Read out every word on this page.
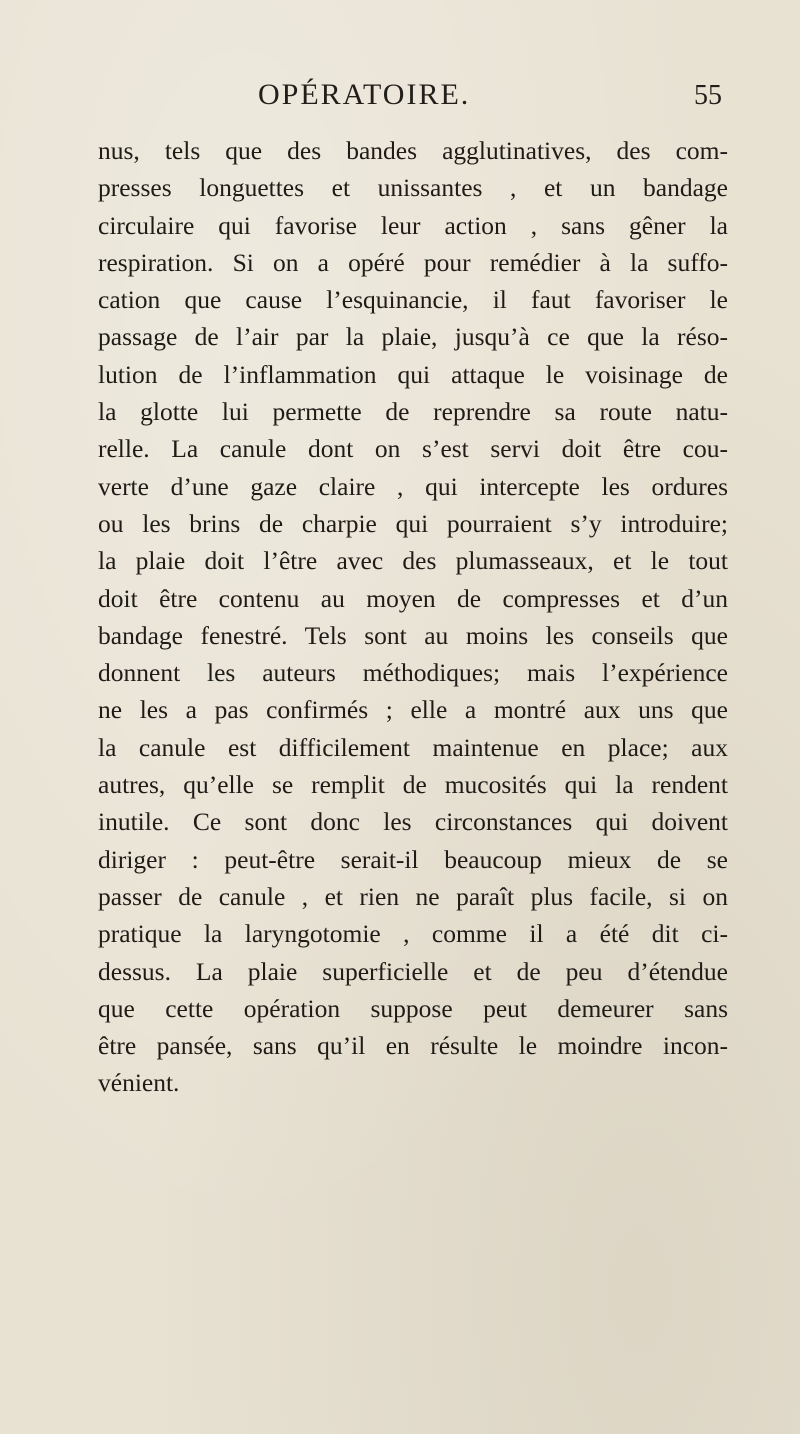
OPÉRATOIRE.	55
nus, tels que des bandes agglutinatives, des com-
presses longuettes et unissantes , et un bandage
circulaire qui favorise leur action , sans gêner la
respiration. Si on a opéré pour remédier à la suffo-
cation que cause l’esquinancie, il faut favoriser le
passage de l’air par la plaie, jusqu’à ce que la réso-
lution de l’inflammation qui attaque le voisinage de
la glotte lui permette de reprendre sa route natu-
relle. La canule dont on s’est servi doit être cou-
verte d’une gaze claire , qui intercepte les ordures
ou les brins de charpie qui pourraient s’y introduire;
la plaie doit l’être avec des plumasseaux, et le tout
doit être contenu au moyen de compresses et d’un
bandage fenestré. Tels sont au moins les conseils que
donnent les auteurs méthodiques; mais l’expérience
ne les a pas confirmés ; elle a montré aux uns que
la canule est difficilement maintenue en place; aux
autres, qu’elle se remplit de mucosités qui la rendent
inutile. Ce sont donc les circonstances qui doivent
diriger : peut-être serait-il beaucoup mieux de se
passer de canule , et rien ne paraît plus facile, si on
pratique la laryngotomie , comme il a été dit ci-
dessus. La plaie superficielle et de peu d’étendue
que cette opération suppose peut demeurer sans
être pansée, sans qu’il en résulte le moindre incon-
vénient.
